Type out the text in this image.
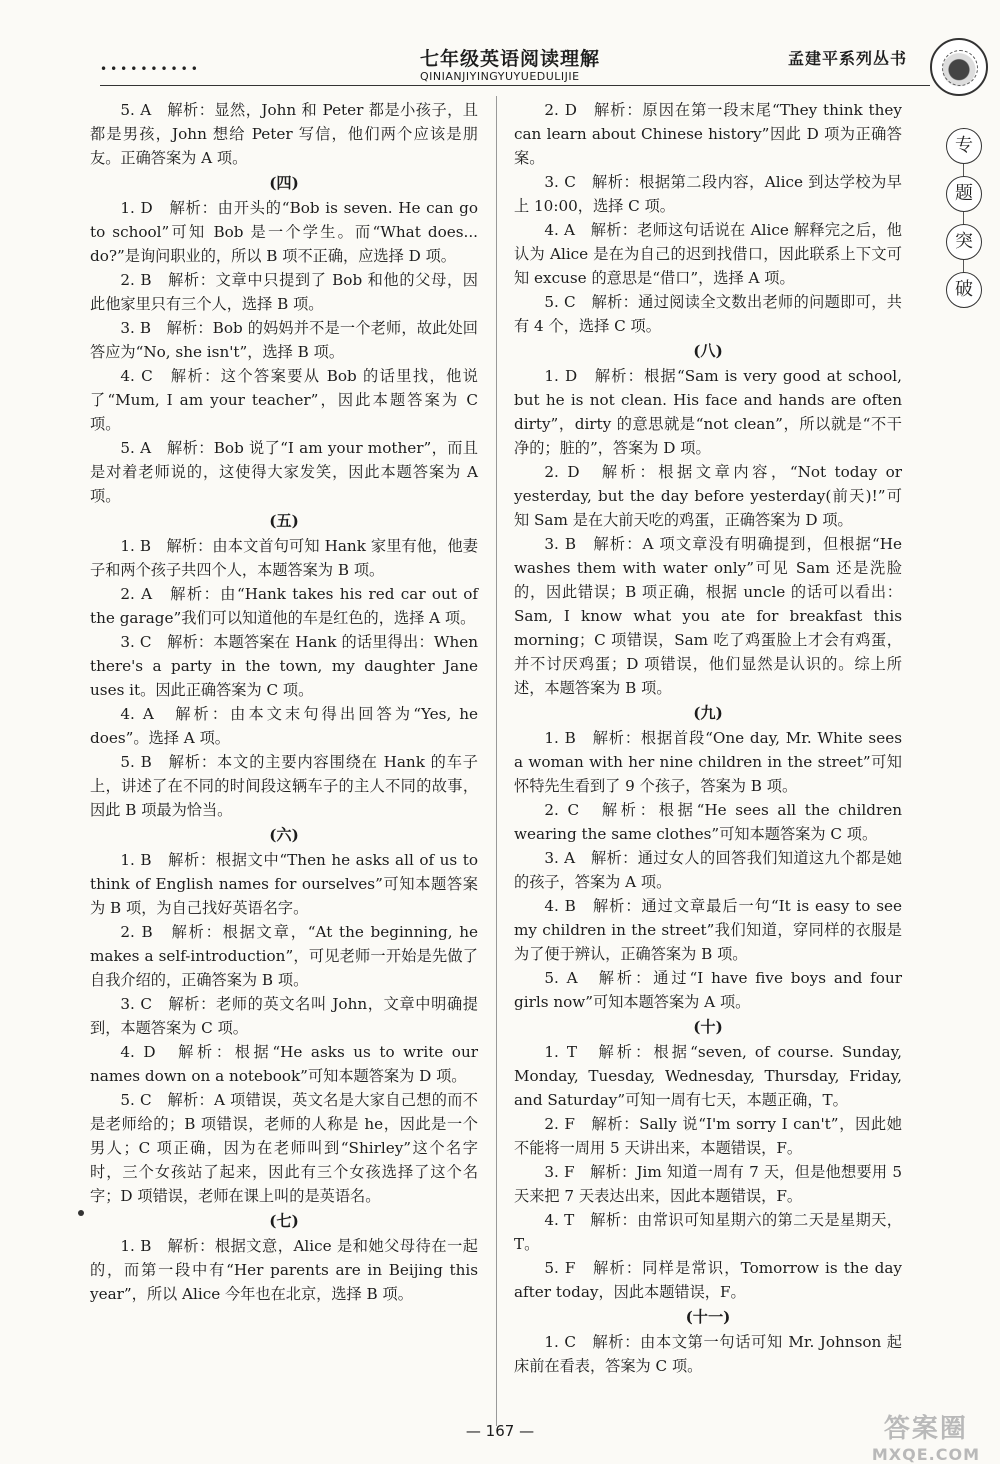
••••••••••	七年级英语阅读理解
QINIANJIYINGYUYUEDULIJIE
孟建平系列丛书
专
题
突
破

5. A　解析：显然，John 和 Peter 都是小孩子，且都是男孩，John 想给 Peter 写信，他们两个应该是朋友。正确答案为 A 项。

(四)

1. D　解析：由开头的“Bob is seven. He can go to school”可知 Bob 是一个学生。而“What does... do?”是询问职业的，所以 B 项不正确，应选择 D 项。

2. B　解析：文章中只提到了 Bob 和他的父母，因此他家里只有三个人，选择 B 项。

3. B　解析：Bob 的妈妈并不是一个老师，故此处回答应为“No, she isn't”，选择 B 项。

4. C　解析：这个答案要从 Bob 的话里找，他说了“Mum, I am your teacher”，因此本题答案为 C 项。

5. A　解析：Bob 说了“I am your mother”，而且是对着老师说的，这使得大家发笑，因此本题答案为 A 项。

(五)

1. B　解析：由本文首句可知 Hank 家里有他，他妻子和两个孩子共四个人，本题答案为 B 项。

2. A　解析：由“Hank takes his red car out of the garage”我们可以知道他的车是红色的，选择 A 项。

3. C　解析：本题答案在 Hank 的话里得出：When there's a party in the town, my daughter Jane uses it。因此正确答案为 C 项。

4. A　解析：由本文末句得出回答为“Yes, he does”。选择 A 项。

5. B　解析：本文的主要内容围绕在 Hank 的车子上，讲述了在不同的时间段这辆车子的主人不同的故事，因此 B 项最为恰当。

(六)

1. B　解析：根据文中“Then he asks all of us to think of English names for ourselves”可知本题答案为 B 项，为自己找好英语名字。

2. B　解析：根据文章，“At the beginning, he makes a self-introduction”，可见老师一开始是先做了自我介绍的，正确答案为 B 项。

3. C　解析：老师的英文名叫 John，文章中明确提到，本题答案为 C 项。

4. D　解析：根据“He asks us to write our names down on a notebook”可知本题答案为 D 项。

5. C　解析：A 项错误，英文名是大家自己想的而不是老师给的；B 项错误，老师的人称是 he，因此是一个男人；C 项正确，因为在老师叫到“Shirley”这个名字时，三个女孩站了起来，因此有三个女孩选择了这个名字；D 项错误，老师在课上叫的是英语名。

(七)

1. B　解析：根据文意，Alice 是和她父母待在一起的，而第一段中有“Her parents are in Beijing this year”，所以 Alice 今年也在北京，选择 B 项。

2. D　解析：原因在第一段末尾“They think they can learn about Chinese history”因此 D 项为正确答案。

3. C　解析：根据第二段内容，Alice 到达学校为早上 10:00，选择 C 项。

4. A　解析：老师这句话说在 Alice 解释完之后，他认为 Alice 是在为自己的迟到找借口，因此联系上下文可知 excuse 的意思是“借口”，选择 A 项。

5. C　解析：通过阅读全文数出老师的问题即可，共有 4 个，选择 C 项。

(八)

1. D　解析：根据“Sam is very good at school, but he is not clean. His face and hands are often dirty”，dirty 的意思就是“not clean”，所以就是“不干净的；脏的”，答案为 D 项。

2. D　解析：根据文章内容，“Not today or yesterday, but the day before yesterday(前天)!”可知 Sam 是在大前天吃的鸡蛋，正确答案为 D 项。

3. B　解析：A 项文章没有明确提到，但根据“He washes them with water only”可见 Sam 还是洗脸的，因此错误；B 项正确，根据 uncle 的话可以看出：Sam, I know what you ate for breakfast this morning；C 项错误，Sam 吃了鸡蛋脸上才会有鸡蛋，并不讨厌鸡蛋；D 项错误，他们显然是认识的。综上所述，本题答案为 B 项。

(九)

1. B　解析：根据首段“One day, Mr. White sees a woman with her nine children in the street”可知怀特先生看到了 9 个孩子，答案为 B 项。

2. C　解析：根据“He sees all the children wearing the same clothes”可知本题答案为 C 项。

3. A　解析：通过女人的回答我们知道这九个都是她的孩子，答案为 A 项。

4. B　解析：通过文章最后一句“It is easy to see my children in the street”我们知道，穿同样的衣服是为了便于辨认，正确答案为 B 项。

5. A　解析：通过“I have five boys and four girls now”可知本题答案为 A 项。

(十)

1. T　解析：根据“seven, of course. Sunday, Monday, Tuesday, Wednesday, Thursday, Friday, and Saturday”可知一周有七天，本题正确，T。

2. F　解析：Sally 说“I'm sorry I can't”，因此她不能将一周用 5 天讲出来，本题错误，F。

3. F　解析：Jim 知道一周有 7 天，但是他想要用 5 天来把 7 天表达出来，因此本题错误，F。

4. T　解析：由常识可知星期六的第二天是星期天，T。

5. F　解析：同样是常识，Tomorrow is the day after today，因此本题错误，F。

(十一)

1. C　解析：由本文第一句话可知 Mr. Johnson 起床前在看表，答案为 C 项。

— 167 —	答案圈
MXQE.COM
